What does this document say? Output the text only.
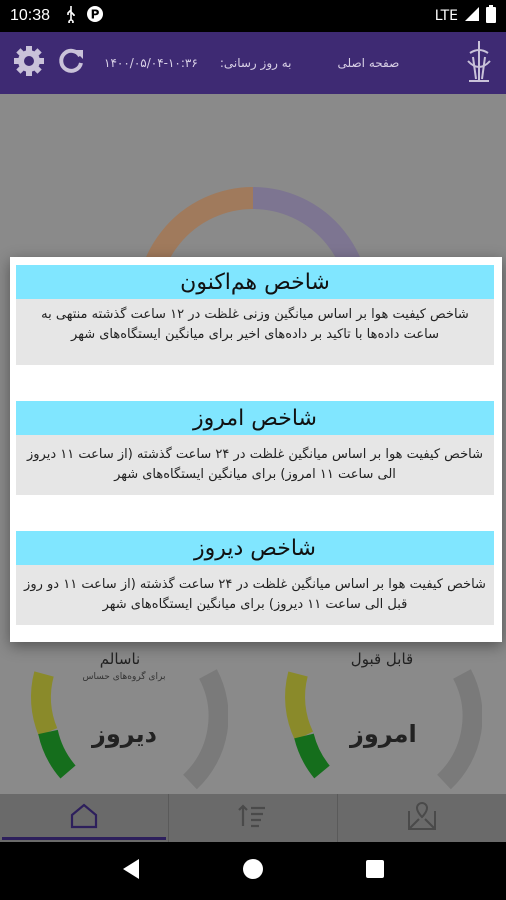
10:38	P	LTE
۱۴۰۰/۰۵/۰۴-۱۰:۳۶ به روز رسانی:	صفحه اصلی
ناسالم
برای گروه‌های حساس
قابل قبول
دیروز	امروز
شاخص هم‌اکنون
شاخص کیفیت هوا بر اساس میانگین وزنی غلظت در ۱۲ ساعت گذشته منتهی به ساعت داده‌ها با تاکید بر داده‌های اخیر برای میانگین ایستگاه‌های شهر
شاخص امروز
شاخص کیفیت هوا بر اساس میانگین غلظت در ۲۴ ساعت گذشته (از ساعت ۱۱ دیروز الی ساعت ۱۱ امروز) برای میانگین ایستگاه‌های شهر
شاخص دیروز
شاخص کیفیت هوا بر اساس میانگین غلظت در ۲۴ ساعت گذشته (از ساعت ۱۱ دو روز قبل الی ساعت ۱۱ دیروز) برای میانگین ایستگاه‌های شهر
